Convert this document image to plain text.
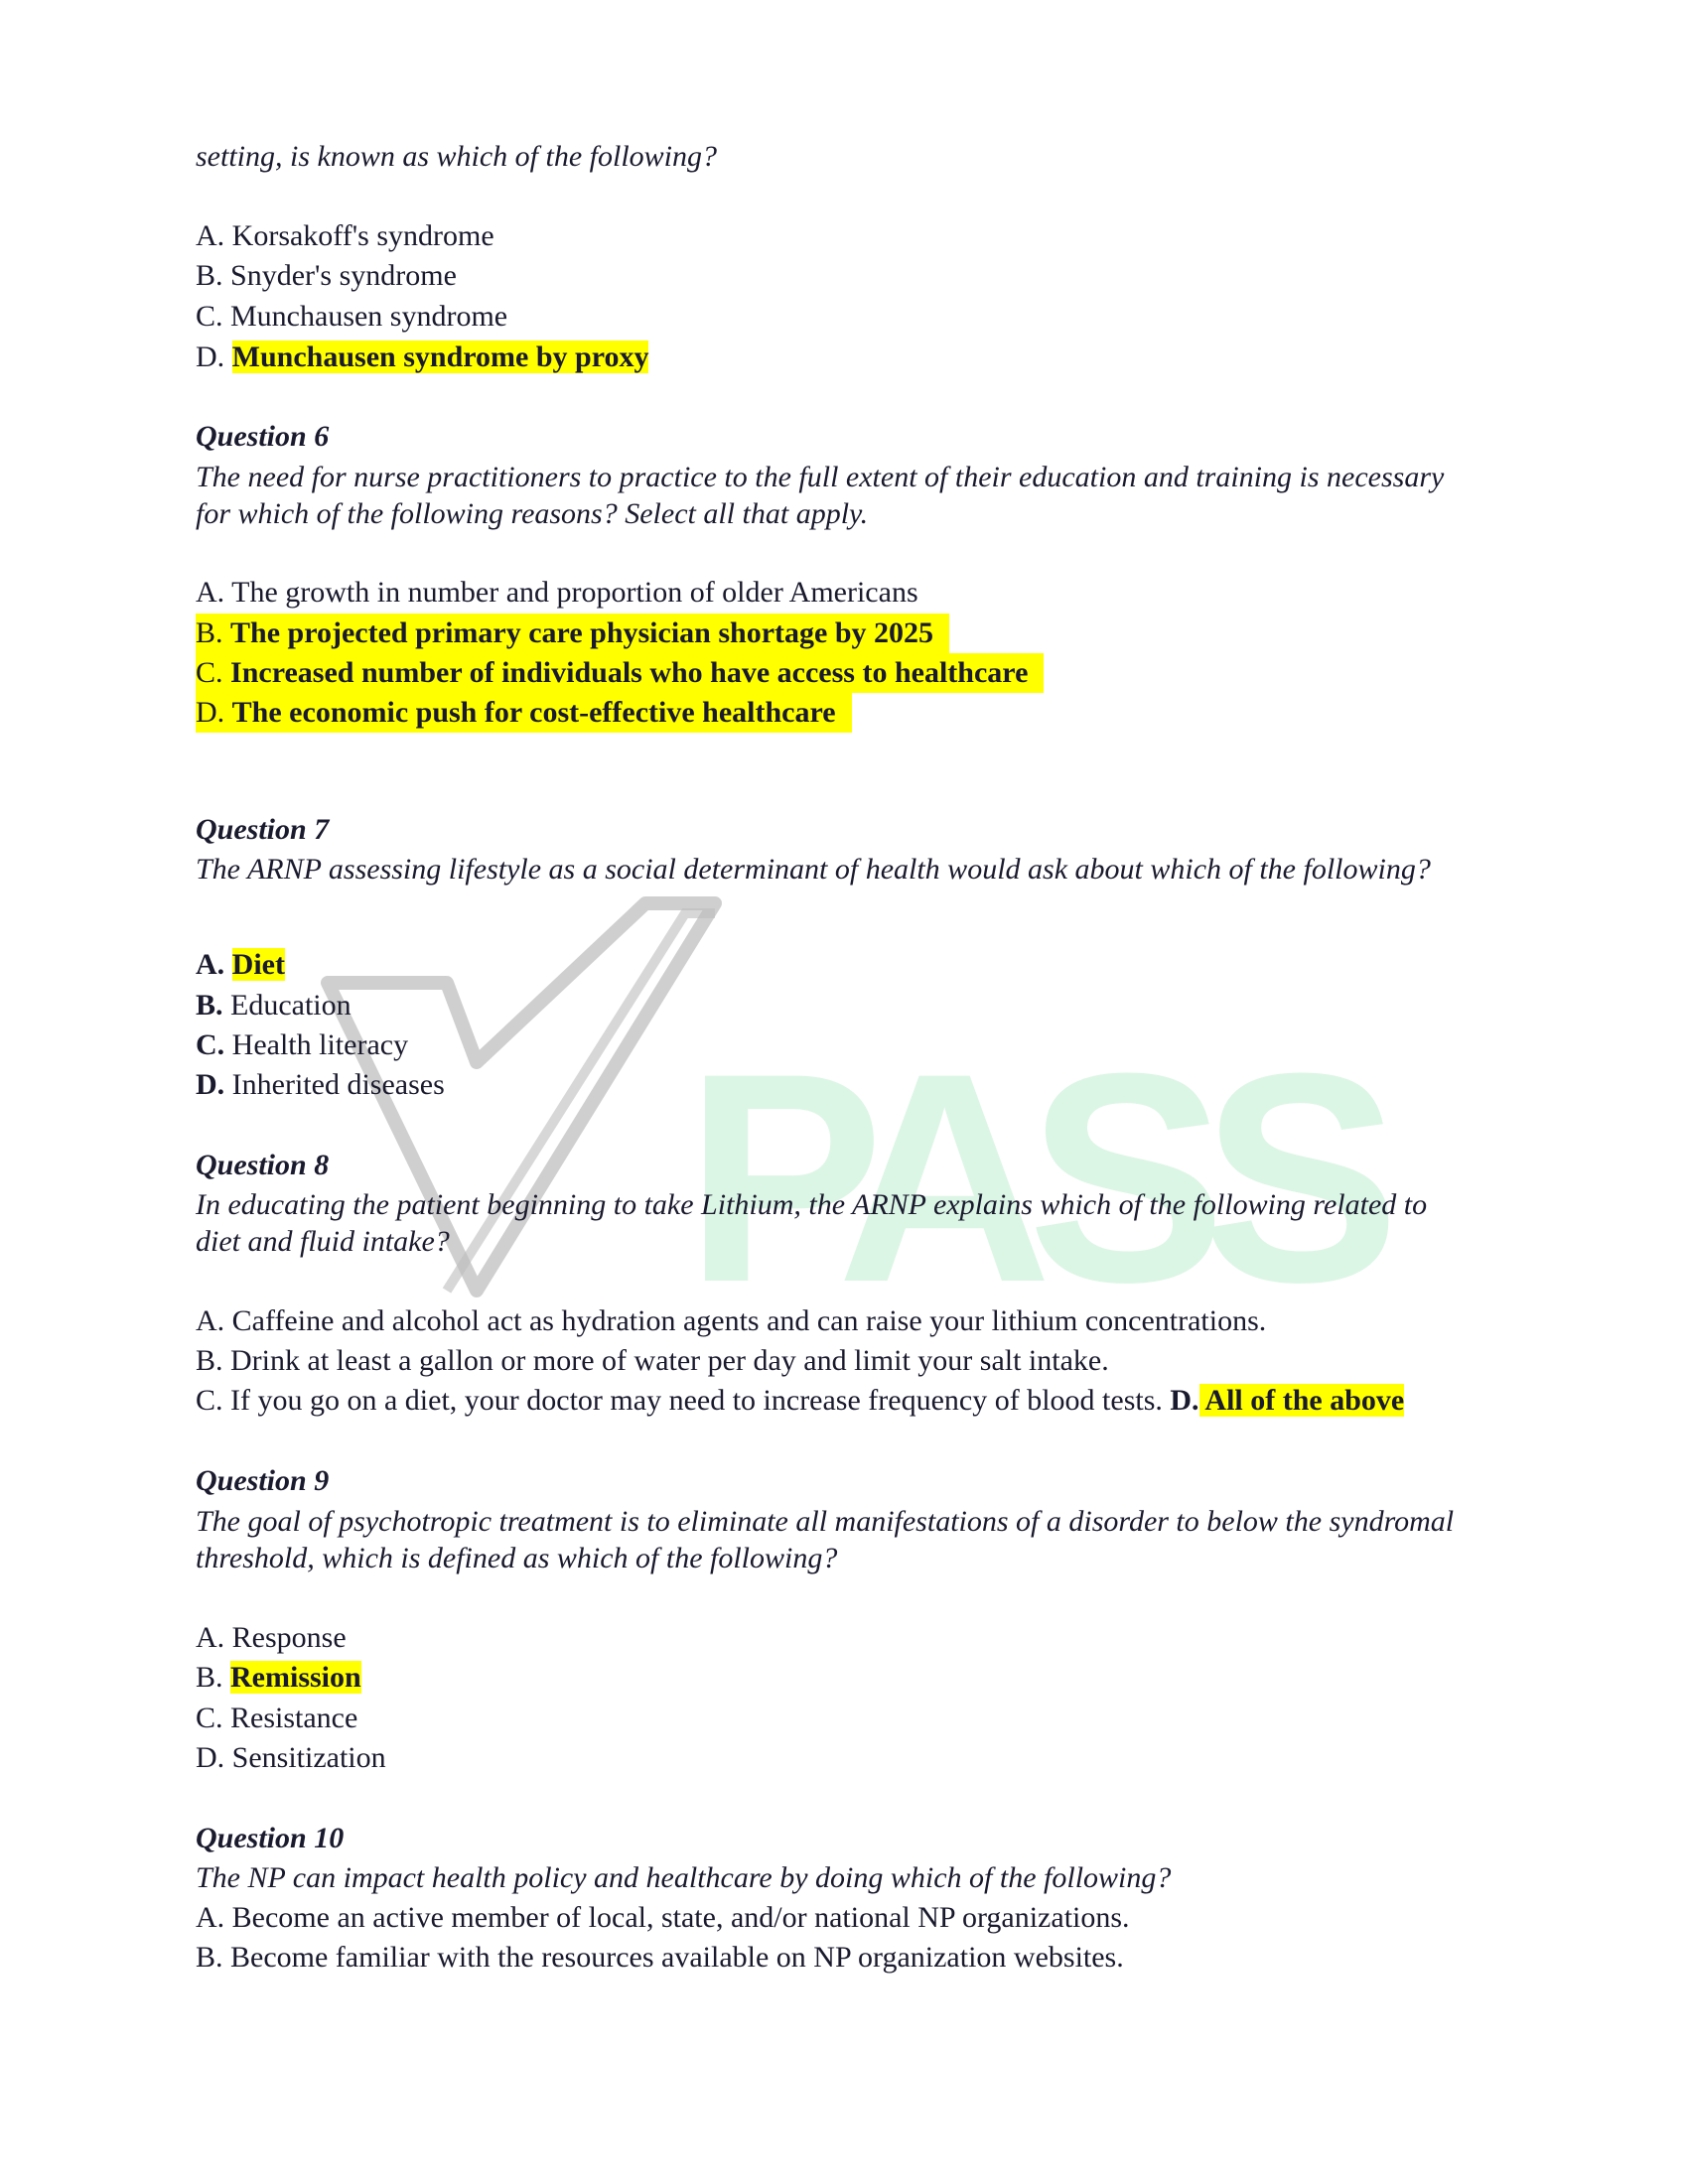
PASS
setting, is known as which of the following?
A. Korsakoff's syndrome
B. Snyder's syndrome
C. Munchausen syndrome
D. Munchausen syndrome by proxy
Question 6
The need for nurse practitioners to practice to the full extent of their education and training is necessary
for which of the following reasons? Select all that apply.
A. The growth in number and proportion of older Americans
B. The projected primary care physician shortage by 2025
C. Increased number of individuals who have access to healthcare
D. The economic push for cost-effective healthcare
Question 7
The ARNP assessing lifestyle as a social determinant of health would ask about which of the following?
A. Diet
B. Education
C. Health literacy
D. Inherited diseases
Question 8
In educating the patient beginning to take Lithium, the ARNP explains which of the following related to
diet and fluid intake?
A. Caffeine and alcohol act as hydration agents and can raise your lithium concentrations.
B. Drink at least a gallon or more of water per day and limit your salt intake.
C. If you go on a diet, your doctor may need to increase frequency of blood tests. D. All of the above
Question 9
The goal of psychotropic treatment is to eliminate all manifestations of a disorder to below the syndromal
threshold, which is defined as which of the following?
A. Response
B. Remission
C. Resistance
D. Sensitization
Question 10
The NP can impact health policy and healthcare by doing which of the following?
A. Become an active member of local, state, and/or national NP organizations.
B. Become familiar with the resources available on NP organization websites.
